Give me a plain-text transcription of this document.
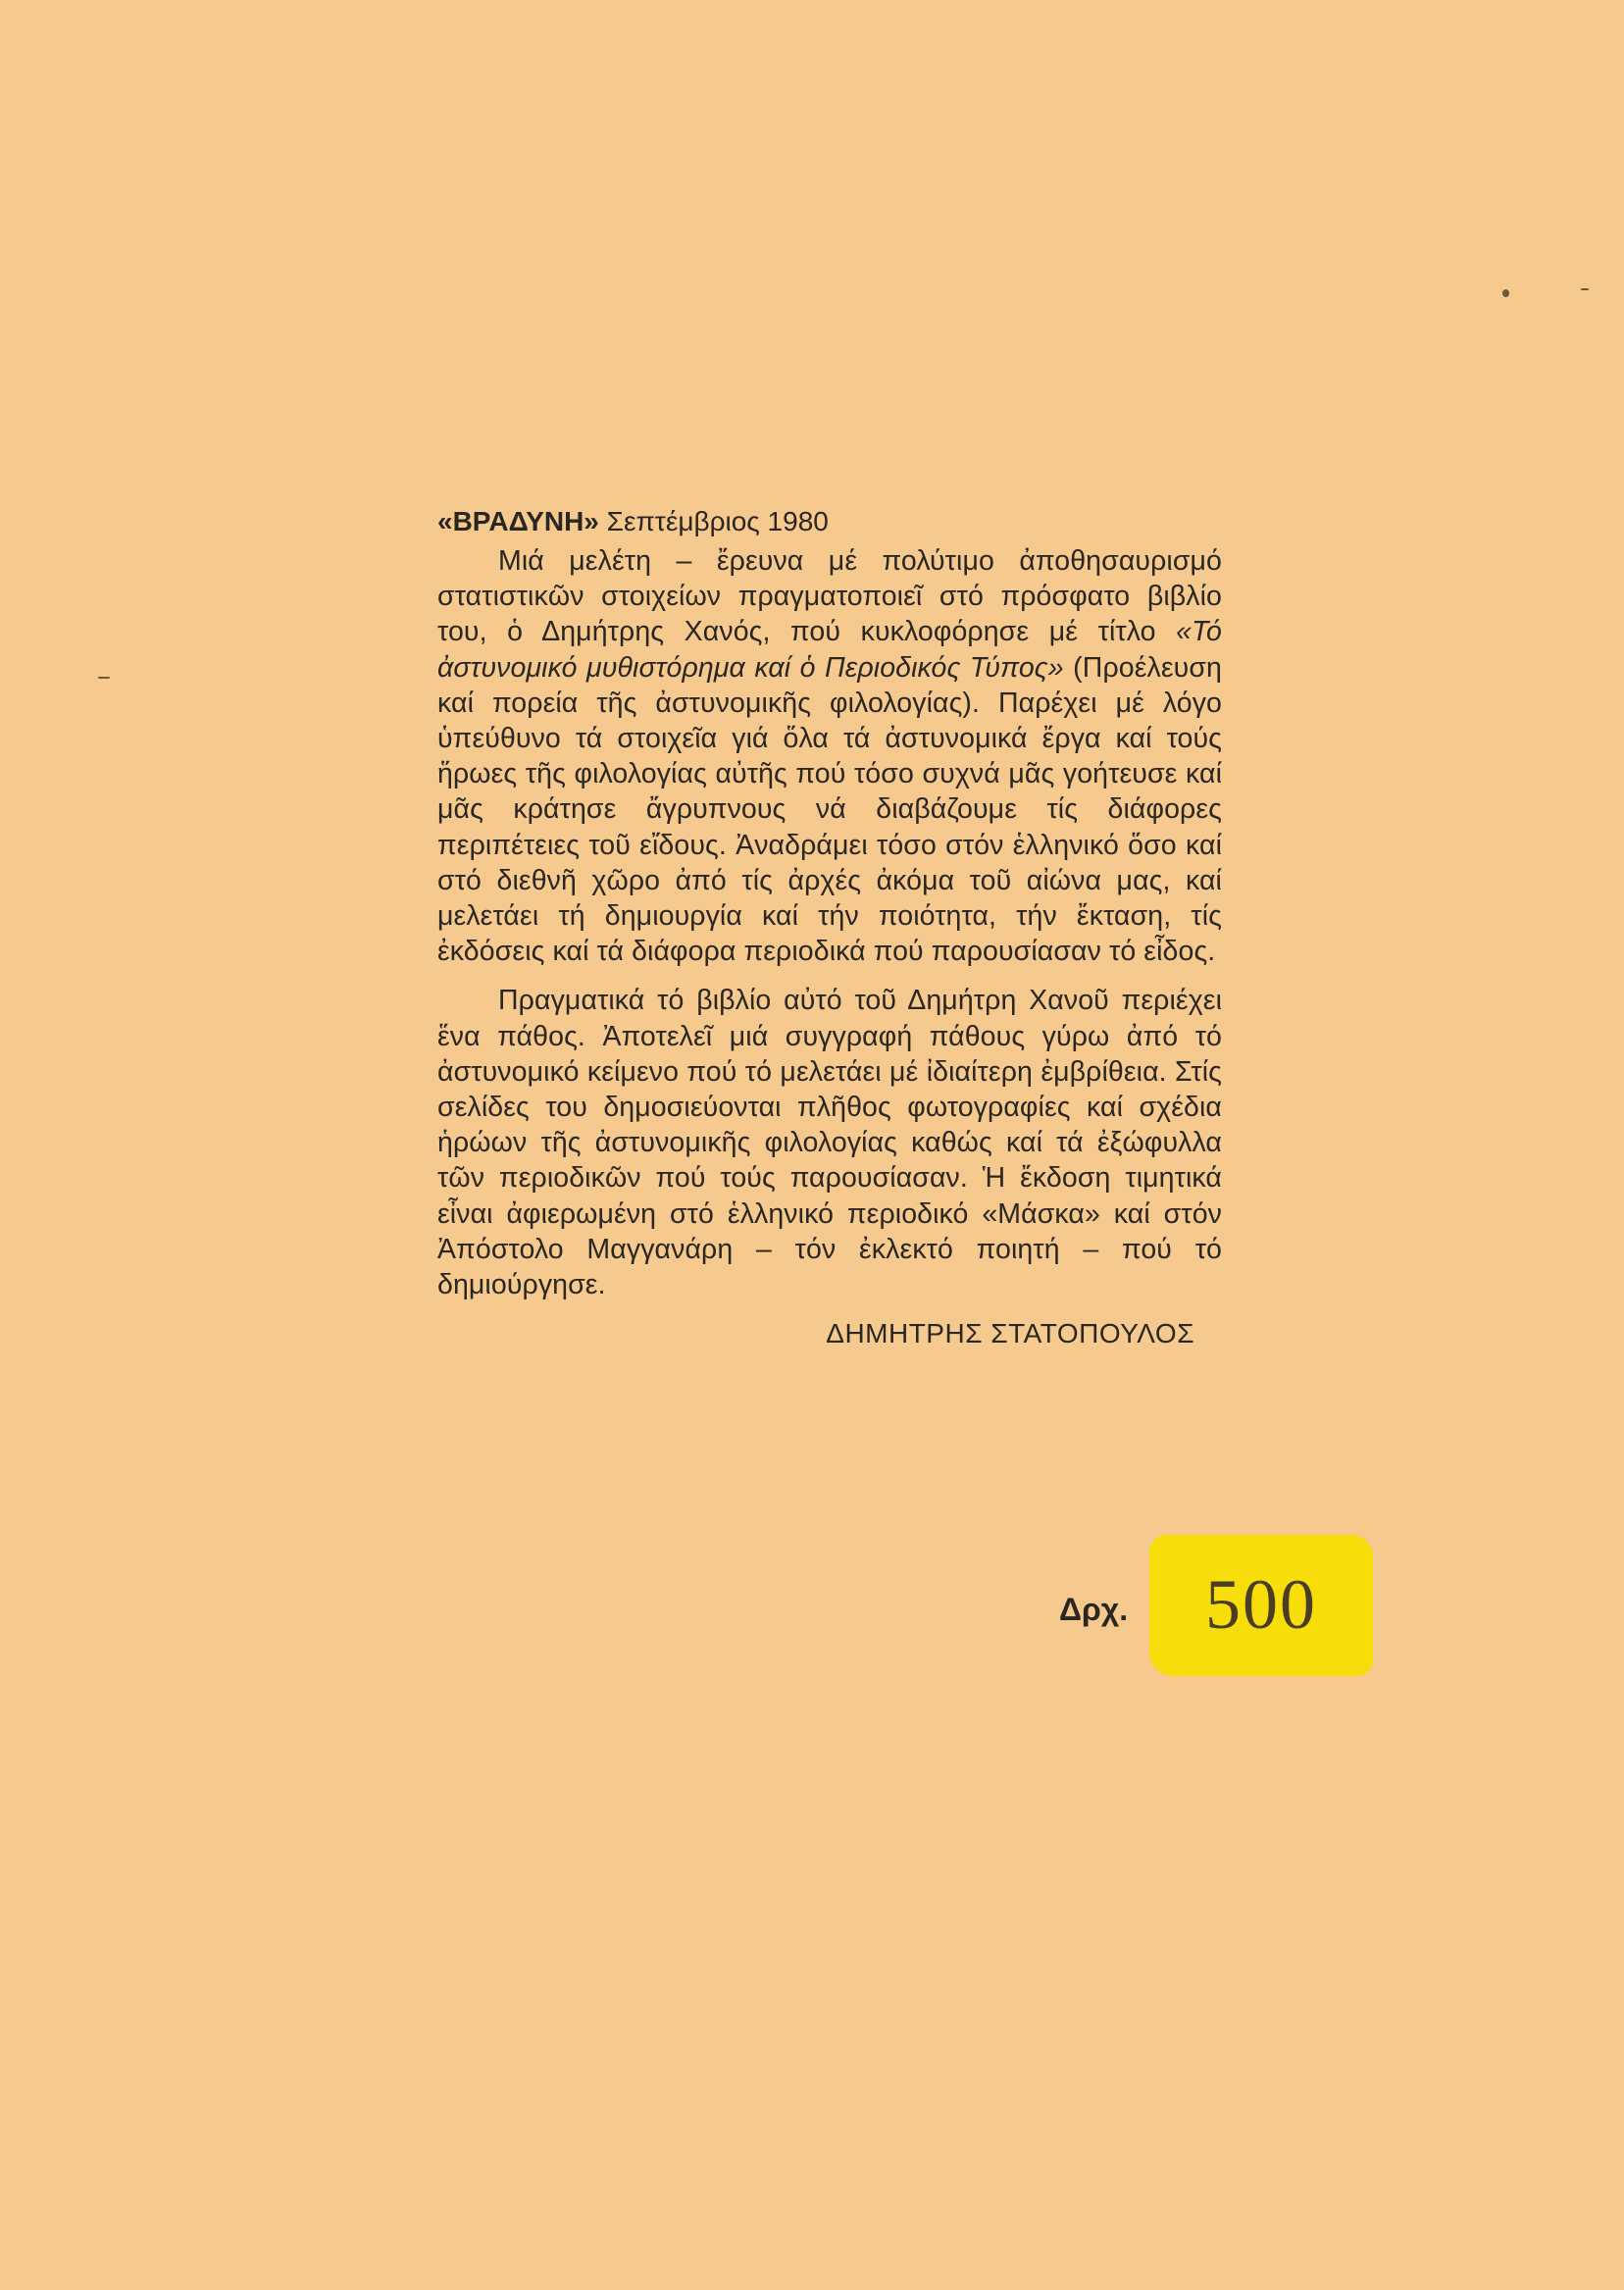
«ΒΡΑΔΥΝΗ» Σεπτέμβριος 1980

Μιά μελέτη – ἔρευνα μέ πολύτιμο ἀποθησαυρισμό στατιστικῶν στοιχείων πραγματοποιεῖ στό πρόσφατο βιβλίο του, ὁ Δημήτρης Χανός, πού κυκλοφόρησε μέ τίτλο «Τό ἀστυνομικό μυθιστόρημα καί ὁ Περιοδικός Τύπος» (Προέλευση καί πορεία τῆς ἀστυνομικῆς φιλολογίας). Παρέχει μέ λόγο ὑπεύθυνο τά στοιχεῖα γιά ὅλα τά ἀστυνομικά ἔργα καί τούς ἥρωες τῆς φιλολογίας αὐτῆς πού τόσο συχνά μᾶς γοήτευσε καί μᾶς κράτησε ἄγρυπνους νά διαβάζουμε τίς διάφορες περιπέτειες τοῦ εἴδους. Ἀναδράμει τόσο στόν ἑλληνικό ὅσο καί στό διεθνῆ χῶρο ἀπό τίς ἀρχές ἀκόμα τοῦ αἰώνα μας, καί μελετάει τή δημιουργία καί τήν ποιότητα, τήν ἔκταση, τίς ἐκδόσεις καί τά διάφορα περιοδικά πού παρουσίασαν τό εἶδος.

Πραγματικά τό βιβλίο αὐτό τοῦ Δημήτρη Χανοῦ περιέχει ἕνα πάθος. Ἀποτελεῖ μιά συγγραφή πάθους γύρω ἀπό τό ἀστυνομικό κείμενο πού τό μελετάει μέ ἰδιαίτερη ἐμβρίθεια. Στίς σελίδες του δημοσιεύονται πλῆθος φωτογραφίες καί σχέδια ἡρώων τῆς ἀστυνομικῆς φιλολογίας καθώς καί τά ἐξώφυλλα τῶν περιοδικῶν πού τούς παρουσίασαν. Ἡ ἔκδοση τιμητικά εἶναι ἀφιερωμένη στό ἑλληνικό περιοδικό «Μάσκα» καί στόν Ἀπόστολο Μαγγανάρη – τόν ἐκλεκτό ποιητή – πού τό δημιούργησε.

ΔΗΜΗΤΡΗΣ ΣΤΑΤΟΠΟΥΛΟΣ
Δρχ.	500
